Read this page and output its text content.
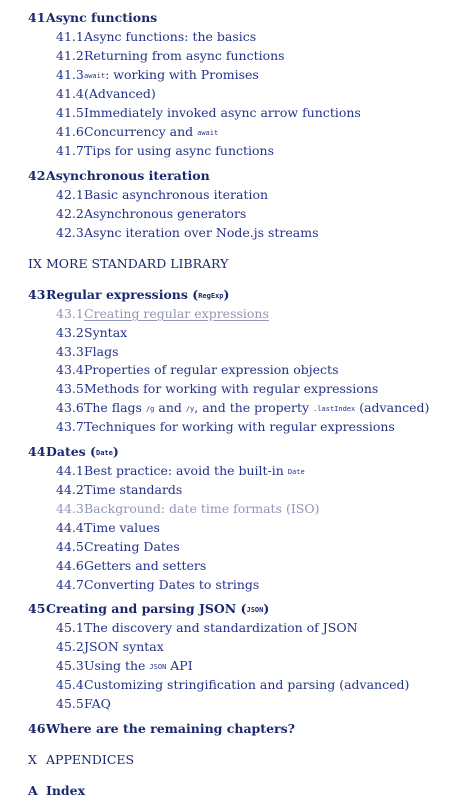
41Async functions
41.1Async functions: the basics
41.2Returning from async functions
41.3await: working with Promises
41.4(Advanced)
41.5Immediately invoked async arrow functions
41.6Concurrency and await
41.7Tips for using async functions
42Asynchronous iteration
42.1Basic asynchronous iteration
42.2Asynchronous generators
42.3Async iteration over Node.js streams
IX MORE STANDARD LIBRARY
43Regular expressions (RegExp)
43.1Creating regular expressions
43.2Syntax
43.3Flags
43.4Properties of regular expression objects
43.5Methods for working with regular expressions
43.6The flags /g and /y, and the property .lastIndex (advanced)
43.7Techniques for working with regular expressions
44Dates (Date)
44.1Best practice: avoid the built-in Date
44.2Time standards
44.3Background: date time formats (ISO)
44.4Time values
44.5Creating Dates
44.6Getters and setters
44.7Converting Dates to strings
45Creating and parsing JSON (JSON)
45.1The discovery and standardization of JSON
45.2JSON syntax
45.3Using the JSON API
45.4Customizing stringification and parsing (advanced)
45.5FAQ
46Where are the remaining chapters?
X APPENDICES
A Index
